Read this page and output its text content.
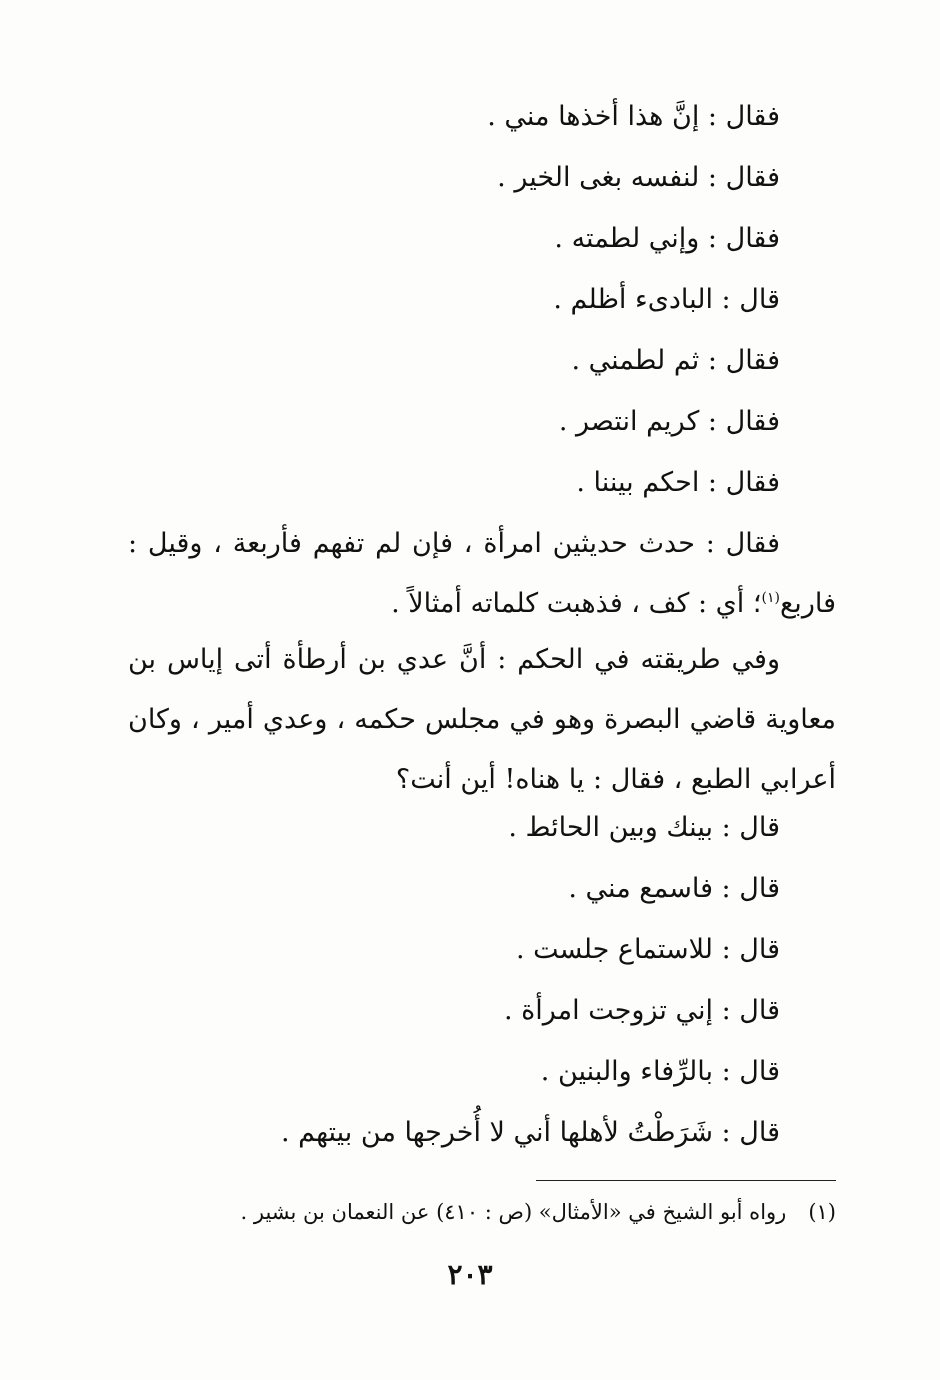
فقال : إنَّ هذا أخذها مني .
فقال : لنفسه بغى الخير .
فقال : وإني لطمته .
قال : البادىء أظلم .
فقال : ثم لطمني .
فقال : كريم انتصر .
فقال : احكم بيننا .
فقال : حدث حديثين امرأة ، فإن لم تفهم فأربعة ، وقيل : فاربع$^{(١)}$؛ أي : كف ، فذهبت كلماته أمثالاً .
وفي طريقته في الحكم : أنَّ عدي بن أرطأة أتى إياس بن معاوية قاضي البصرة وهو في مجلس حكمه ، وعدي أمير ، وكان أعرابي الطبع ، فقال : يا هناه! أين أنت؟
قال : بينك وبين الحائط .
قال : فاسمع مني .
قال : للاستماع جلست .
قال : إني تزوجت امرأة .
قال : بالرِّفاء والبنين .
قال : شَرَطْتُ لأهلها أني لا أُخرجها من بيتهم .
(١)رواه أبو الشيخ في «الأمثال» (ص : ٤١٠) عن النعمان بن بشير .
٢٠٣
